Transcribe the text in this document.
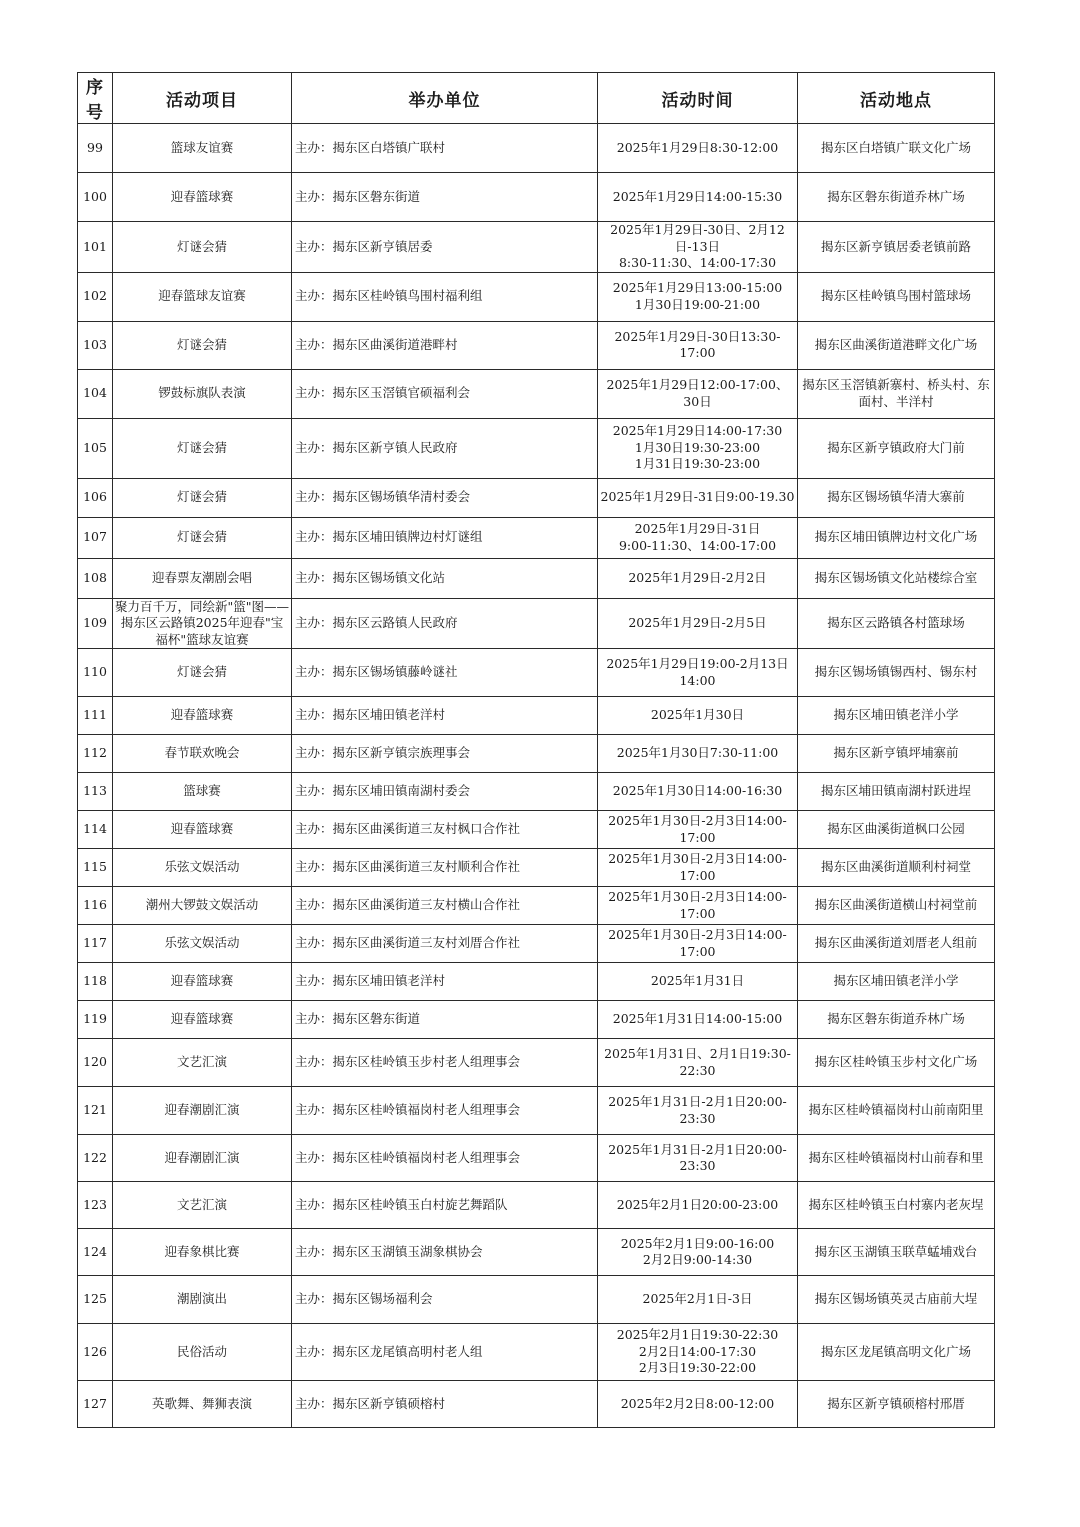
序号	活动项目	举办单位	活动时间	活动地点
99	篮球友谊赛	主办：揭东区白塔镇广联村	2025年1月29日8:30-12:00	揭东区白塔镇广联文化广场
100	迎春篮球赛	主办：揭东区磐东街道	2025年1月29日14:00-15:30	揭东区磐东街道乔林广场
101	灯谜会猜	主办：揭东区新亨镇居委	2025年1月29日-30日、2月12日-13日
8:30-11:30、14:00-17:30	揭东区新亨镇居委老镇前路
102	迎春篮球友谊赛	主办：揭东区桂岭镇鸟围村福利组	2025年1月29日13:00-15:00
1月30日19:00-21:00	揭东区桂岭镇鸟围村篮球场
103	灯谜会猜	主办：揭东区曲溪街道港畔村	2025年1月29日-30日13:30-17:00	揭东区曲溪街道港畔文化广场
104	锣鼓标旗队表演	主办：揭东区玉滘镇官硕福利会	2025年1月29日12:00-17:00、30日	揭东区玉滘镇新寨村、桥头村、东面村、半洋村
105	灯谜会猜	主办：揭东区新亨镇人民政府	2025年1月29日14:00-17:30
1月30日19:30-23:00
1月31日19:30-23:00	揭东区新亨镇政府大门前
106	灯谜会猜	主办：揭东区锡场镇华清村委会	2025年1月29日-31日9:00-19.30	揭东区锡场镇华清大寨前
107	灯谜会猜	主办：揭东区埔田镇牌边村灯谜组	2025年1月29日-31日
9:00-11:30、14:00-17:00	揭东区埔田镇牌边村文化广场
108	迎春票友潮剧会唱	主办：揭东区锡场镇文化站	2025年1月29日-2月2日	揭东区锡场镇文化站楼综合室
109	聚力百千万，同绘新"篮"图——揭东区云路镇2025年迎春"宝福杯"篮球友谊赛	主办：揭东区云路镇人民政府	2025年1月29日-2月5日	揭东区云路镇各村篮球场
110	灯谜会猜	主办：揭东区锡场镇藤岭谜社	2025年1月29日19:00-2月13日14:00	揭东区锡场镇锡西村、锡东村
111	迎春篮球赛	主办：揭东区埔田镇老洋村	2025年1月30日	揭东区埔田镇老洋小学
112	春节联欢晚会	主办：揭东区新亨镇宗族理事会	2025年1月30日7:30-11:00	揭东区新亨镇坪埔寨前
113	篮球赛	主办：揭东区埔田镇南湖村委会	2025年1月30日14:00-16:30	揭东区埔田镇南湖村跃进埕
114	迎春篮球赛	主办：揭东区曲溪街道三友村枫口合作社	2025年1月30日-2月3日14:00-17:00	揭东区曲溪街道枫口公园
115	乐弦文娱活动	主办：揭东区曲溪街道三友村顺利合作社	2025年1月30日-2月3日14:00-17:00	揭东区曲溪街道顺利村祠堂
116	潮州大锣鼓文娱活动	主办：揭东区曲溪街道三友村横山合作社	2025年1月30日-2月3日14:00-17:00	揭东区曲溪街道横山村祠堂前
117	乐弦文娱活动	主办：揭东区曲溪街道三友村刘厝合作社	2025年1月30日-2月3日14:00-17:00	揭东区曲溪街道刘厝老人组前
118	迎春篮球赛	主办：揭东区埔田镇老洋村	2025年1月31日	揭东区埔田镇老洋小学
119	迎春篮球赛	主办：揭东区磐东街道	2025年1月31日14:00-15:00	揭东区磐东街道乔林广场
120	文艺汇演	主办：揭东区桂岭镇玉步村老人组理事会	2025年1月31日、2月1日19:30-22:30	揭东区桂岭镇玉步村文化广场
121	迎春潮剧汇演	主办：揭东区桂岭镇福岗村老人组理事会	2025年1月31日-2月1日20:00-23:30	揭东区桂岭镇福岗村山前南阳里
122	迎春潮剧汇演	主办：揭东区桂岭镇福岗村老人组理事会	2025年1月31日-2月1日20:00-23:30	揭东区桂岭镇福岗村山前春和里
123	文艺汇演	主办：揭东区桂岭镇玉白村旋艺舞蹈队	2025年2月1日20:00-23:00	揭东区桂岭镇玉白村寨内老灰埕
124	迎春象棋比赛	主办：揭东区玉湖镇玉湖象棋协会	2025年2月1日9:00-16:00
2月2日9:00-14:30	揭东区玉湖镇玉联草蜢埔戏台
125	潮剧演出	主办：揭东区锡场福利会	2025年2月1日-3日	揭东区锡场镇英灵古庙前大埕
126	民俗活动	主办：揭东区龙尾镇高明村老人组	2025年2月1日19:30-22:30
2月2日14:00-17:30
2月3日19:30-22:00	揭东区龙尾镇高明文化广场
127	英歌舞、舞狮表演	主办：揭东区新亨镇硕榕村	2025年2月2日8:00-12:00	揭东区新亨镇硕榕村邢厝
